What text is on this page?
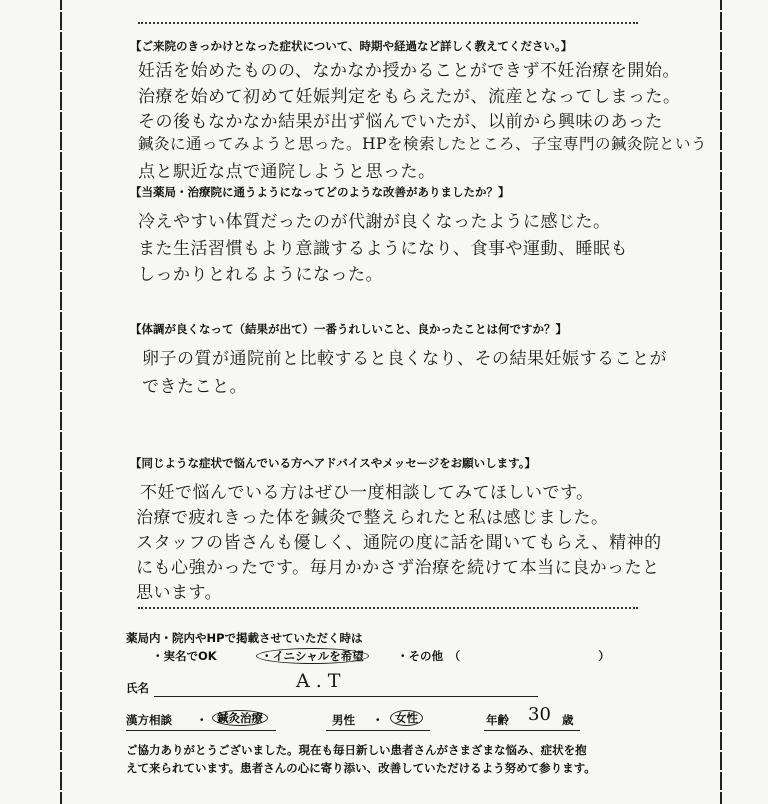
【ご来院のきっかけとなった症状について、時期や経過など詳しく教えてください。】
妊活を始めたものの、なかなか授かることができず不妊治療を開始。
治療を始めて初めて妊娠判定をもらえたが、流産となってしまった。
その後もなかなか結果が出ず悩んでいたが、以前から興味のあった
鍼灸に通ってみようと思った。HPを検索したところ、子宝専門の鍼灸院という
点と駅近な点で通院しようと思った。
【当薬局・治療院に通うようになってどのような改善がありましたか？】
冷えやすい体質だったのが代謝が良くなったように感じた。
また生活習慣もより意識するようになり、食事や運動、睡眠も
しっかりとれるようになった。
【体調が良くなって（結果が出て）一番うれしいこと、良かったことは何ですか？】
卵子の質が通院前と比較すると良くなり、その結果妊娠することが
できたこと。
【同じような症状で悩んでいる方へアドバイスやメッセージをお願いします。】
不妊で悩んでいる方はぜひ一度相談してみてほしいです。
治療で疲れきった体を鍼灸で整えられたと私は感じました。
スタッフの皆さんも優しく、通院の度に話を聞いてもらえ、精神的
にも心強かったです。毎月かかさず治療を続けて本当に良かったと
思います。
薬局内・院内やHPで掲載させていただく時は
・実名でOK	・イニシャルを希望	・その他　（　　　　　　　　　　　　）
氏名	A.T
漢方相談 ・ 鍼灸治療	男性 ・	女性	年齢 30 歳
ご協力ありがとうございました。現在も毎日新しい患者さんがさまざまな悩み、症状を抱
えて来られています。患者さんの心に寄り添い、改善していただけるよう努めて参ります。
